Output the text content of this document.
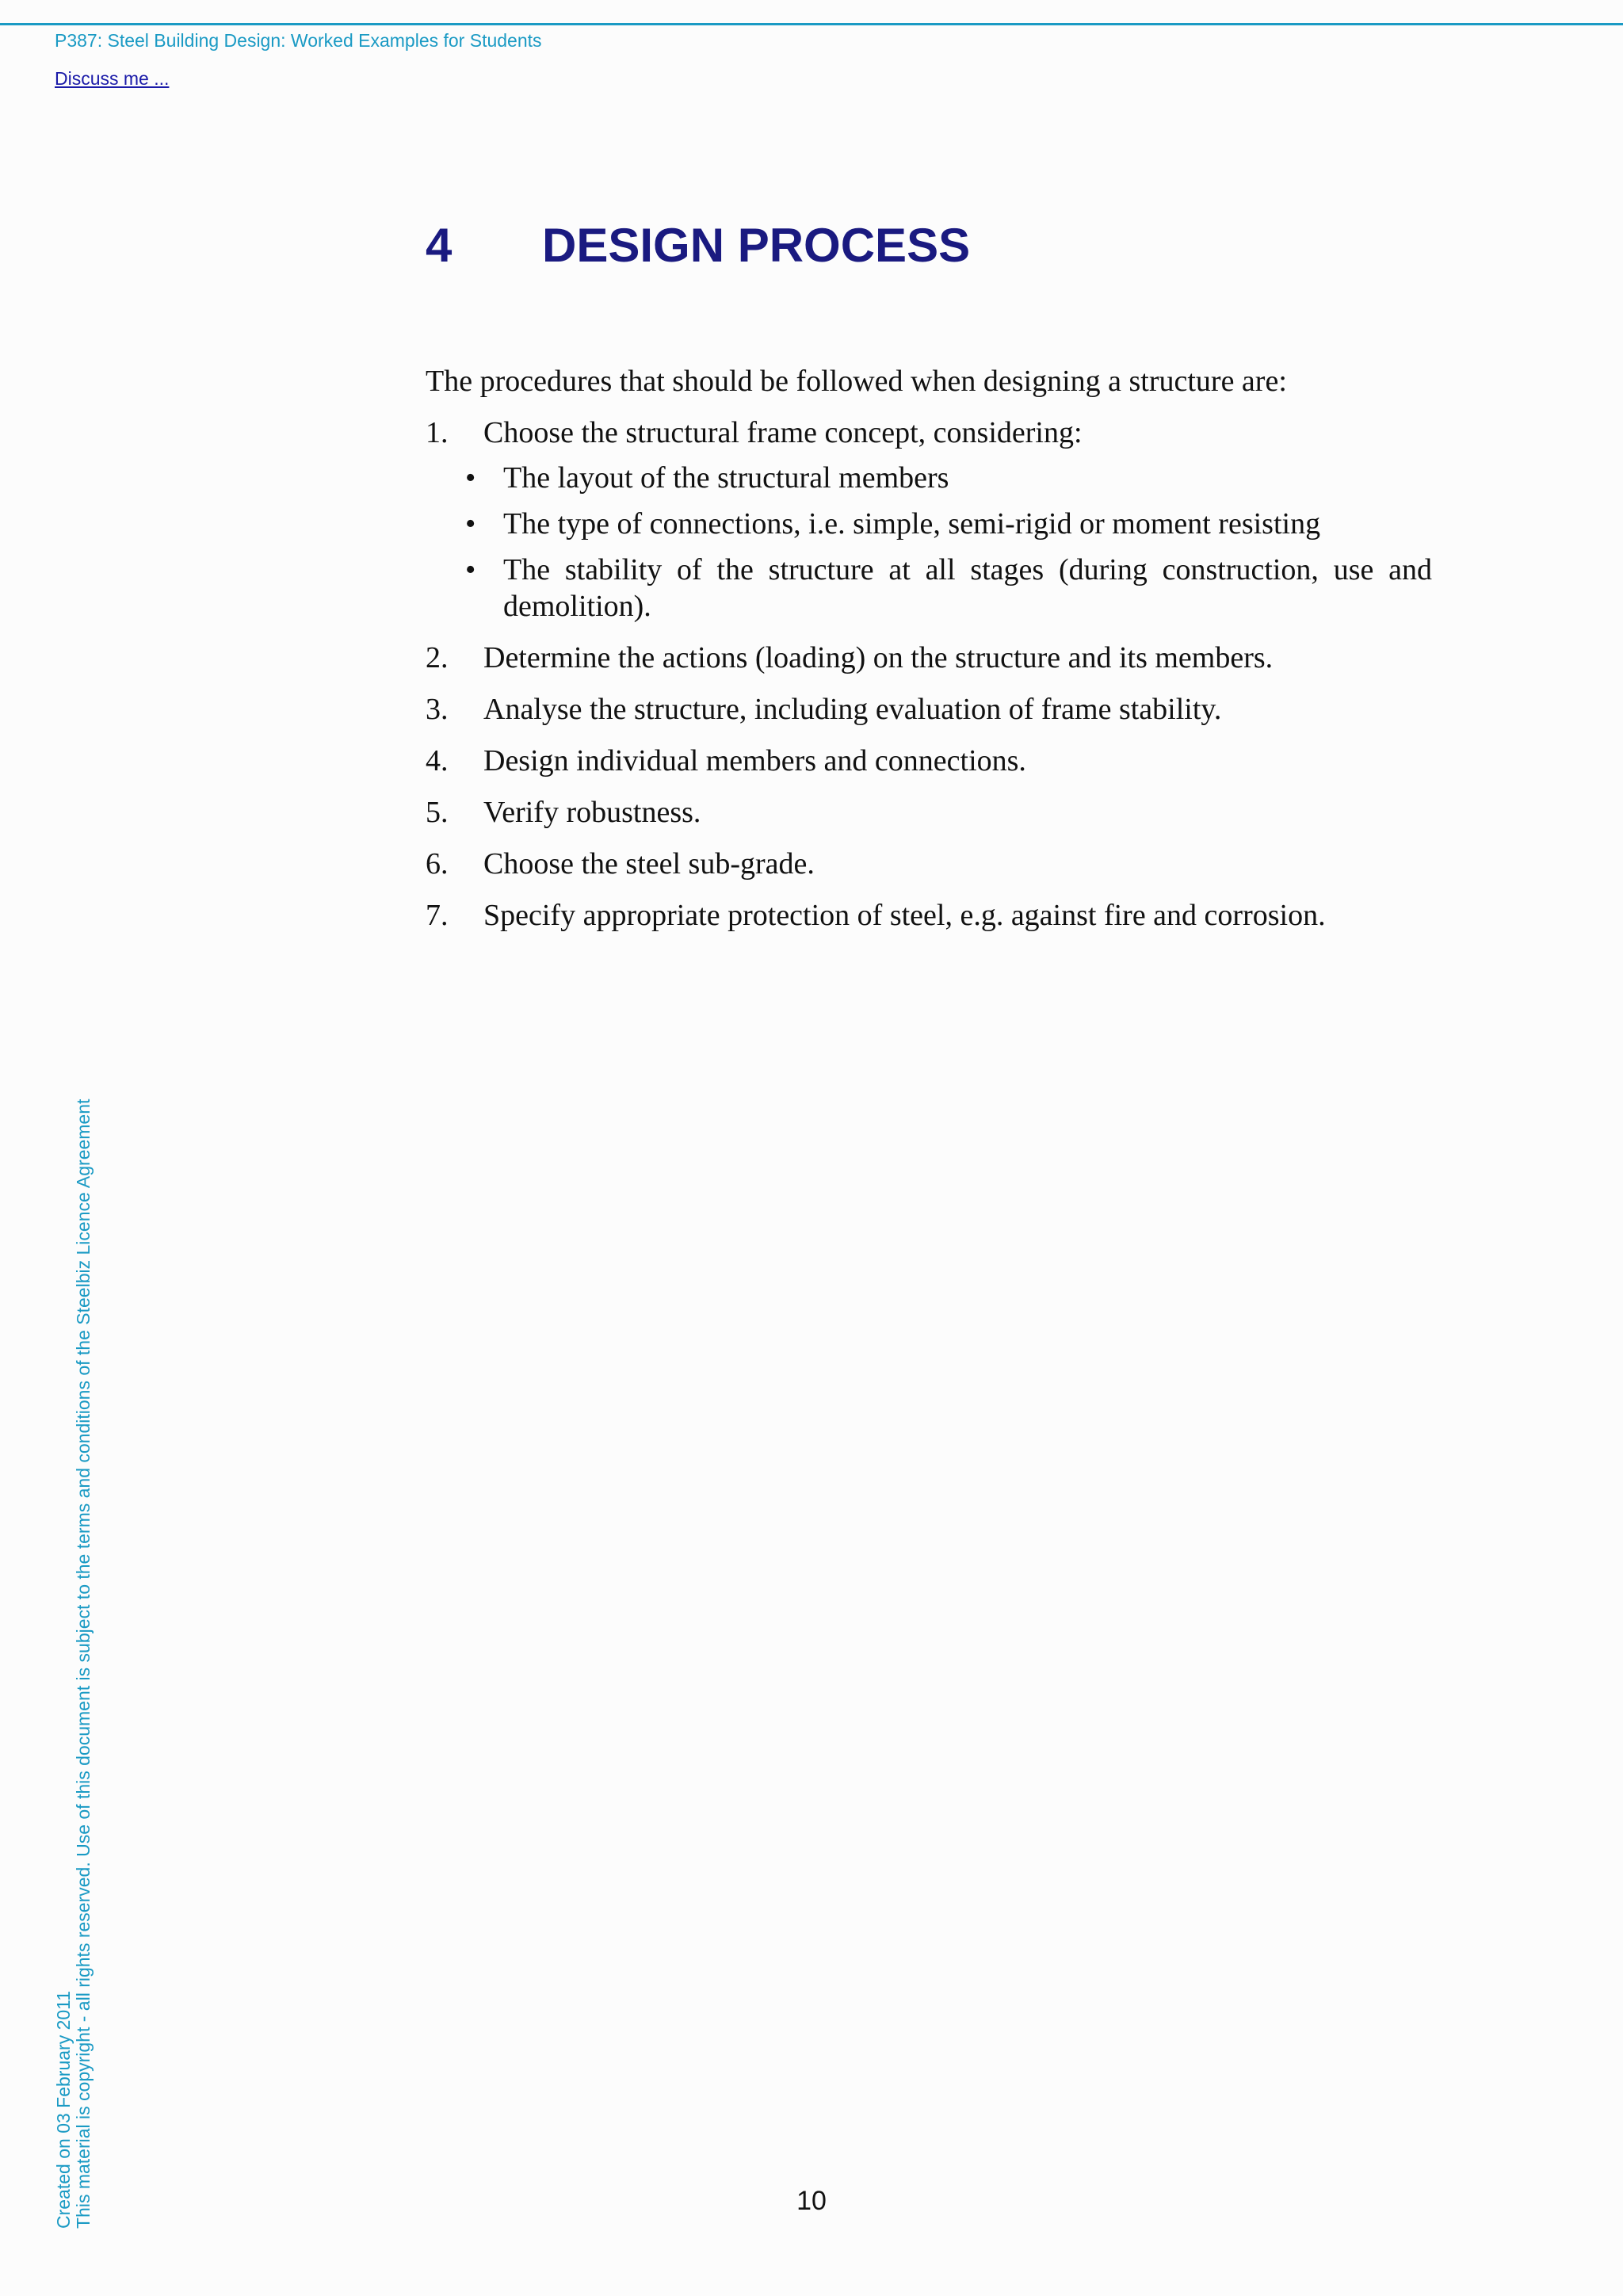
P387: Steel Building Design: Worked Examples for Students
Discuss me ...
4 DESIGN PROCESS

The procedures that should be followed when designing a structure are:

1. Choose the structural frame concept, considering:
• The layout of the structural members
• The type of connections, i.e. simple, semi-rigid or moment resisting
• The stability of the structure at all stages (during construction, use and demolition).
2. Determine the actions (loading) on the structure and its members.
3. Analyse the structure, including evaluation of frame stability.
4. Design individual members and connections.
5. Verify robustness.
6. Choose the steel sub-grade.
7. Specify appropriate protection of steel, e.g. against fire and corrosion.
10
Created on 03 February 2011 This material is copyright - all rights reserved. Use of this document is subject to the terms and conditions of the Steelbiz Licence Agreement
